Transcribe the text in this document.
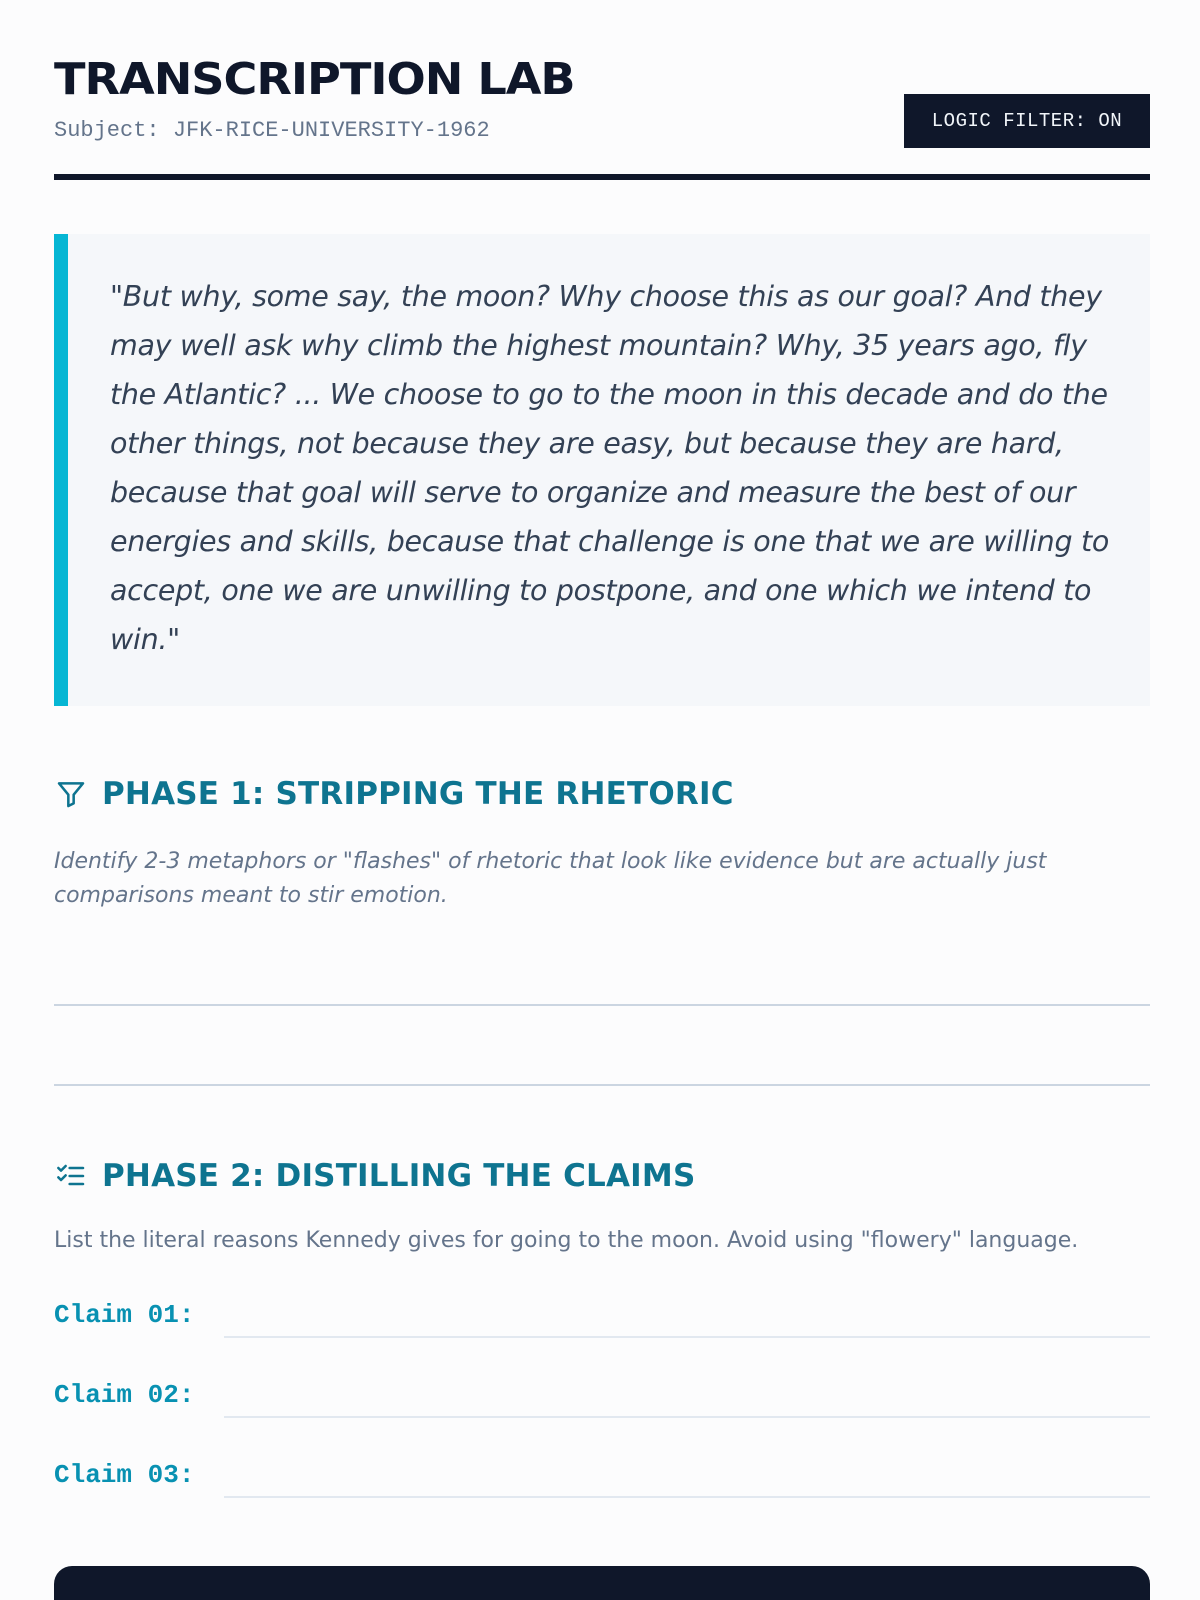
TRANSCRIPTION LAB
Subject: JFK-RICE-UNIVERSITY-1962	LOGIC FILTER: ON

"But why, some say, the moon? Why choose this as our goal? And they may well ask why climb the highest mountain? Why, 35 years ago, fly the Atlantic? ... We choose to go to the moon in this decade and do the other things, not because they are easy, but because they are hard, because that goal will serve to organize and measure the best of our energies and skills, because that challenge is one that we are willing to accept, one we are unwilling to postpone, and one which we intend to win."

PHASE 1: STRIPPING THE RHETORIC

Identify 2-3 metaphors or "flashes" of rhetoric that look like evidence but are actually just comparisons meant to stir emotion.

PHASE 2: DISTILLING THE CLAIMS

List the literal reasons Kennedy gives for going to the moon. Avoid using "flowery" language.

Claim 01:
Claim 02:
Claim 03:
